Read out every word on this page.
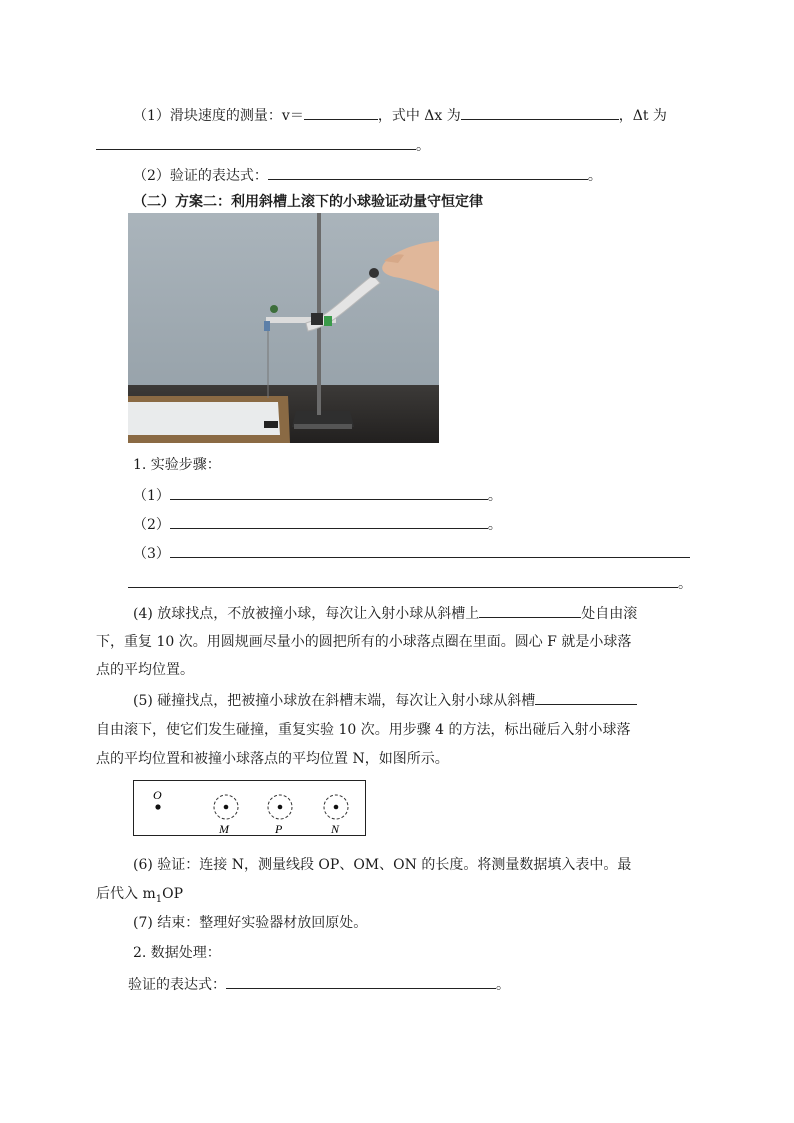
（1）滑块速度的测量：v＝	，式中 Δx 为	，Δt 为
。
（2）验证的表达式：	。
（二）方案二：利用斜槽上滚下的小球验证动量守恒定律
1. 实验步骤：
（1）	。
（2）	。
（3）
。
(4) 放球找点，不放被撞小球，每次让入射小球从斜槽上	处自由滚
下，重复 10 次。用圆规画尽量小的圆把所有的小球落点圈在里面。圆心 F 就是小球落
点的平均位置。
(5) 碰撞找点，把被撞小球放在斜槽末端，每次让入射小球从斜槽
自由滚下，使它们发生碰撞，重复实验 10 次。用步骤 4 的方法，标出碰后入射小球落
点的平均位置和被撞小球落点的平均位置 N，如图所示。
O
M	P	N
(6) 验证：连接 N，测量线段 OP、OM、ON 的长度。将测量数据填入表中。最
后代入 $m_1OP$
(7) 结束：整理好实验器材放回原处。
2. 数据处理：
验证的表达式：	。
